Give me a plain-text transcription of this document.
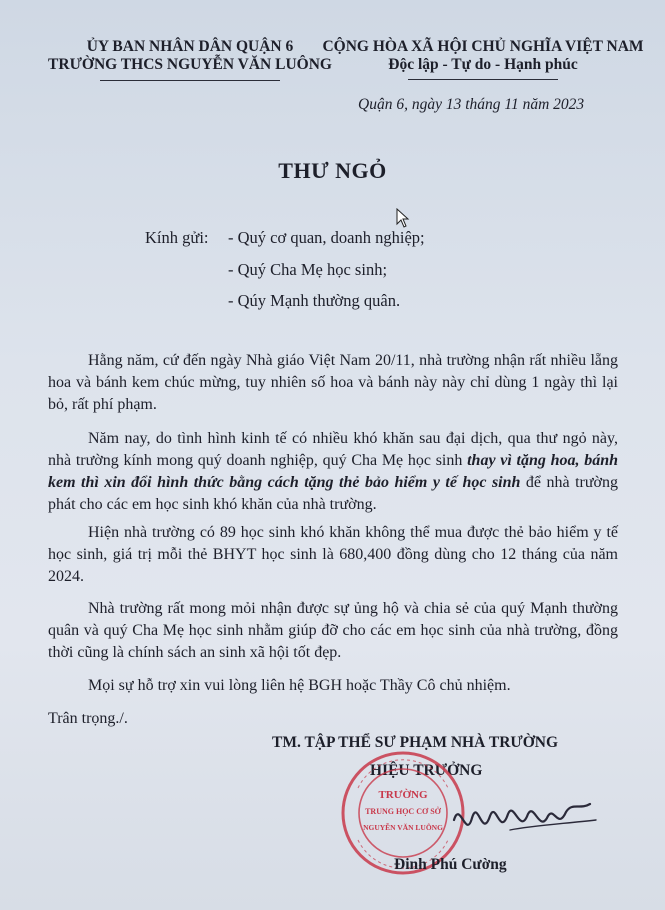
ỦY BAN NHÂN DÂN QUẬN 6
TRƯỜNG THCS NGUYỄN VĂN LUÔNG
CỘNG HÒA XÃ HỘI CHỦ NGHĨA VIỆT NAM
Độc lập - Tự do - Hạnh phúc
Quận 6, ngày 13 tháng 11 năm 2023
THƯ NGỎ
Kính gửi: - Quý cơ quan, doanh nghiệp;
- Quý Cha Mẹ học sinh;
- Qúy Mạnh thường quân.
Hằng năm, cứ đến ngày Nhà giáo Việt Nam 20/11, nhà trường nhận rất nhiều lẵng hoa và bánh kem chúc mừng, tuy nhiên số hoa và bánh này này chỉ dùng 1 ngày thì lại bỏ, rất phí phạm.
Năm nay, do tình hình kinh tế có nhiều khó khăn sau đại dịch, qua thư ngỏ này, nhà trường kính mong quý doanh nghiệp, quý Cha Mẹ học sinh thay vì tặng hoa, bánh kem thì xin đổi hình thức bằng cách tặng thẻ bảo hiểm y tế học sinh để nhà trường phát cho các em học sinh khó khăn của nhà trường.
Hiện nhà trường có 89 học sinh khó khăn không thể mua được thẻ bảo hiểm y tế học sinh, giá trị mỗi thẻ BHYT học sinh là 680,400 đồng dùng cho 12 tháng của năm 2024.
Nhà trường rất mong mỏi nhận được sự ủng hộ và chia sẻ của quý Mạnh thường quân và quý Cha Mẹ học sinh nhằm giúp đỡ cho các em học sinh của nhà trường, đồng thời cũng là chính sách an sinh xã hội tốt đẹp.
Mọi sự hỗ trợ xin vui lòng liên hệ BGH hoặc Thầy Cô chủ nhiệm.
Trân trọng./.
TM. TẬP THỂ SƯ PHẠM NHÀ TRƯỜNG
HIỆU TRƯỞNG
TRƯỜNG
TRUNG HỌC CƠ SỞ
NGUYỄN VĂN LUÔNG
Đinh Phú Cường
